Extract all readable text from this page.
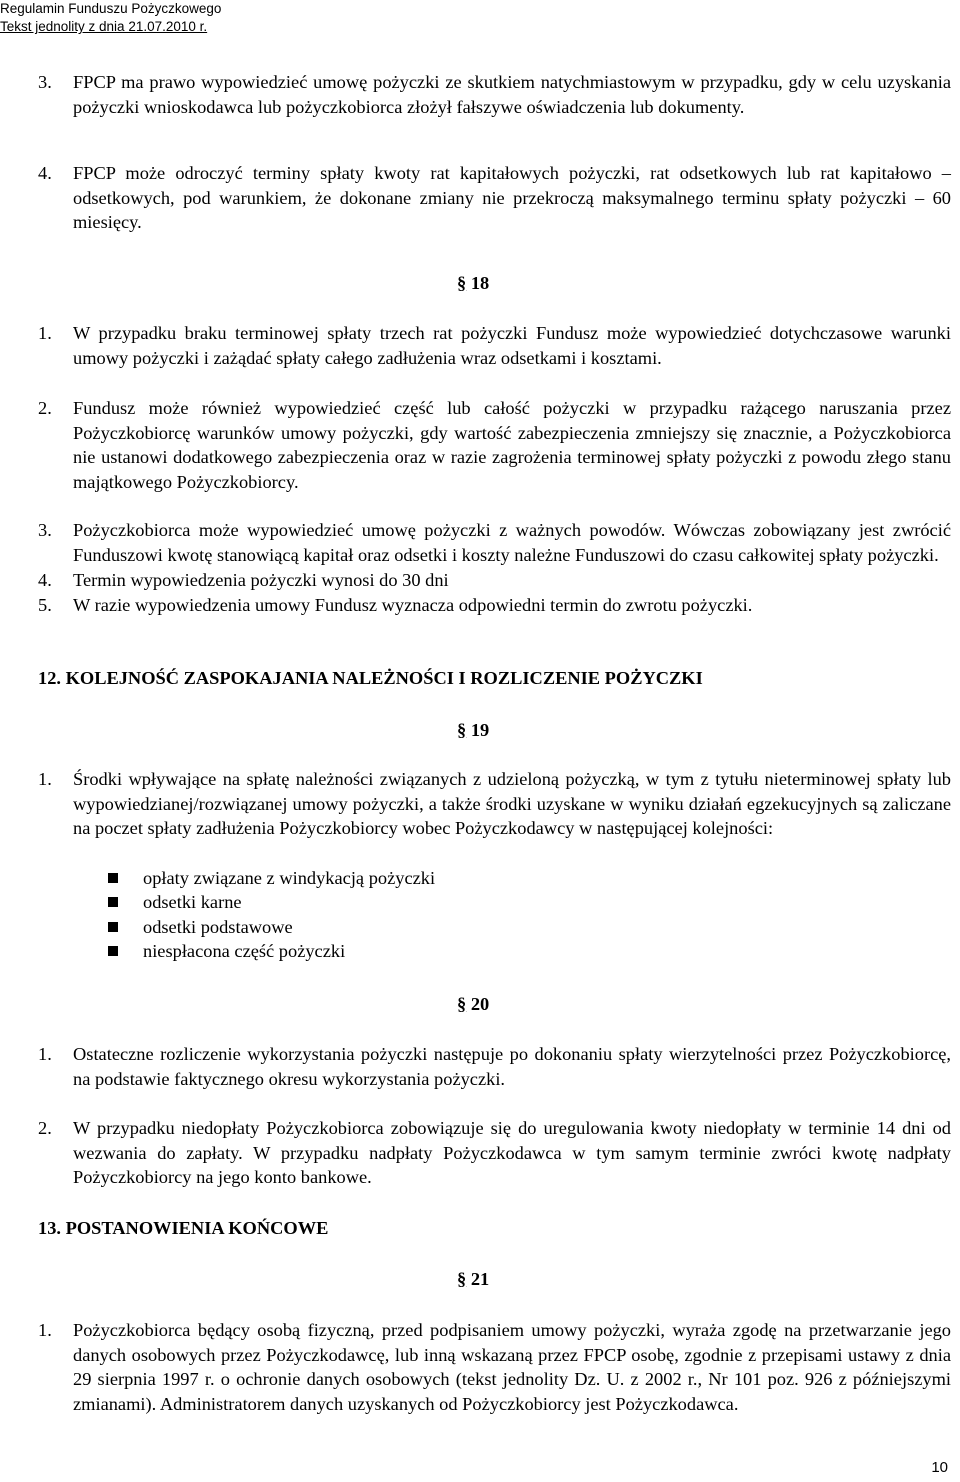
Regulamin Funduszu Pożyczkowego
Tekst jednolity z dnia 21.07.2010 r.
3. FPCP ma prawo wypowiedzieć umowę pożyczki ze skutkiem natychmiastowym w przypadku, gdy w celu uzyskania pożyczki wnioskodawca lub pożyczkobiorca złożył fałszywe oświadczenia lub dokumenty.

4. FPCP może odroczyć terminy spłaty kwoty rat kapitałowych pożyczki, rat odsetkowych lub rat kapitałowo – odsetkowych, pod warunkiem, że dokonane zmiany nie przekroczą maksymalnego terminu spłaty pożyczki – 60 miesięcy.

§ 18
1. W przypadku braku terminowej spłaty trzech rat pożyczki Fundusz może wypowiedzieć dotychczasowe warunki umowy pożyczki i zażądać spłaty całego zadłużenia wraz odsetkami i kosztami.

2. Fundusz może również wypowiedzieć część lub całość pożyczki w przypadku rażącego naruszania przez Pożyczkobiorcę warunków umowy pożyczki, gdy wartość zabezpieczenia zmniejszy się znacznie, a Pożyczkobiorca nie ustanowi dodatkowego zabezpieczenia oraz w razie zagrożenia terminowej spłaty pożyczki z powodu złego stanu majątkowego Pożyczkobiorcy.

3. Pożyczkobiorca może wypowiedzieć umowę pożyczki z ważnych powodów. Wówczas zobowiązany jest zwrócić Funduszowi kwotę stanowiącą kapitał oraz odsetki i koszty należne Funduszowi do czasu całkowitej spłaty pożyczki.

4. Termin wypowiedzenia pożyczki wynosi do 30 dni

5. W razie wypowiedzenia umowy Fundusz wyznacza odpowiedni termin do zwrotu pożyczki.

12. KOLEJNOŚĆ ZASPOKAJANIA NALEŻNOŚCI I ROZLICZENIE POŻYCZKI
§ 19
1. Środki wpływające na spłatę należności związanych z udzieloną pożyczką, w tym z tytułu nieterminowej spłaty lub wypowiedzianej/rozwiązanej umowy pożyczki, a także środki uzyskane w wyniku działań egzekucyjnych są zaliczane na poczet spłaty zadłużenia Pożyczkobiorcy wobec Pożyczkodawcy w następującej kolejności:

opłaty związane z windykacją pożyczki
odsetki karne
odsetki podstawowe
niespłacona część pożyczki
§ 20
1. Ostateczne rozliczenie wykorzystania pożyczki następuje po dokonaniu spłaty wierzytelności przez Pożyczkobiorcę, na podstawie faktycznego okresu wykorzystania pożyczki.

2. W przypadku niedopłaty Pożyczkobiorca zobowiązuje się do uregulowania kwoty niedopłaty w terminie 14 dni od wezwania do zapłaty. W przypadku nadpłaty Pożyczkodawca w tym samym terminie zwróci kwotę nadpłaty Pożyczkobiorcy na jego konto bankowe.

13. POSTANOWIENIA KOŃCOWE
§ 21
1. Pożyczkobiorca będący osobą fizyczną, przed podpisaniem umowy pożyczki, wyraża zgodę na przetwarzanie jego danych osobowych przez Pożyczkodawcę, lub inną wskazaną przez FPCP osobę, zgodnie z przepisami ustawy z dnia 29 sierpnia 1997 r. o ochronie danych osobowych (tekst jednolity Dz. U. z 2002 r., Nr 101 poz. 926 z późniejszymi zmianami). Administratorem danych uzyskanych od Pożyczkobiorcy jest Pożyczkodawca.

10
